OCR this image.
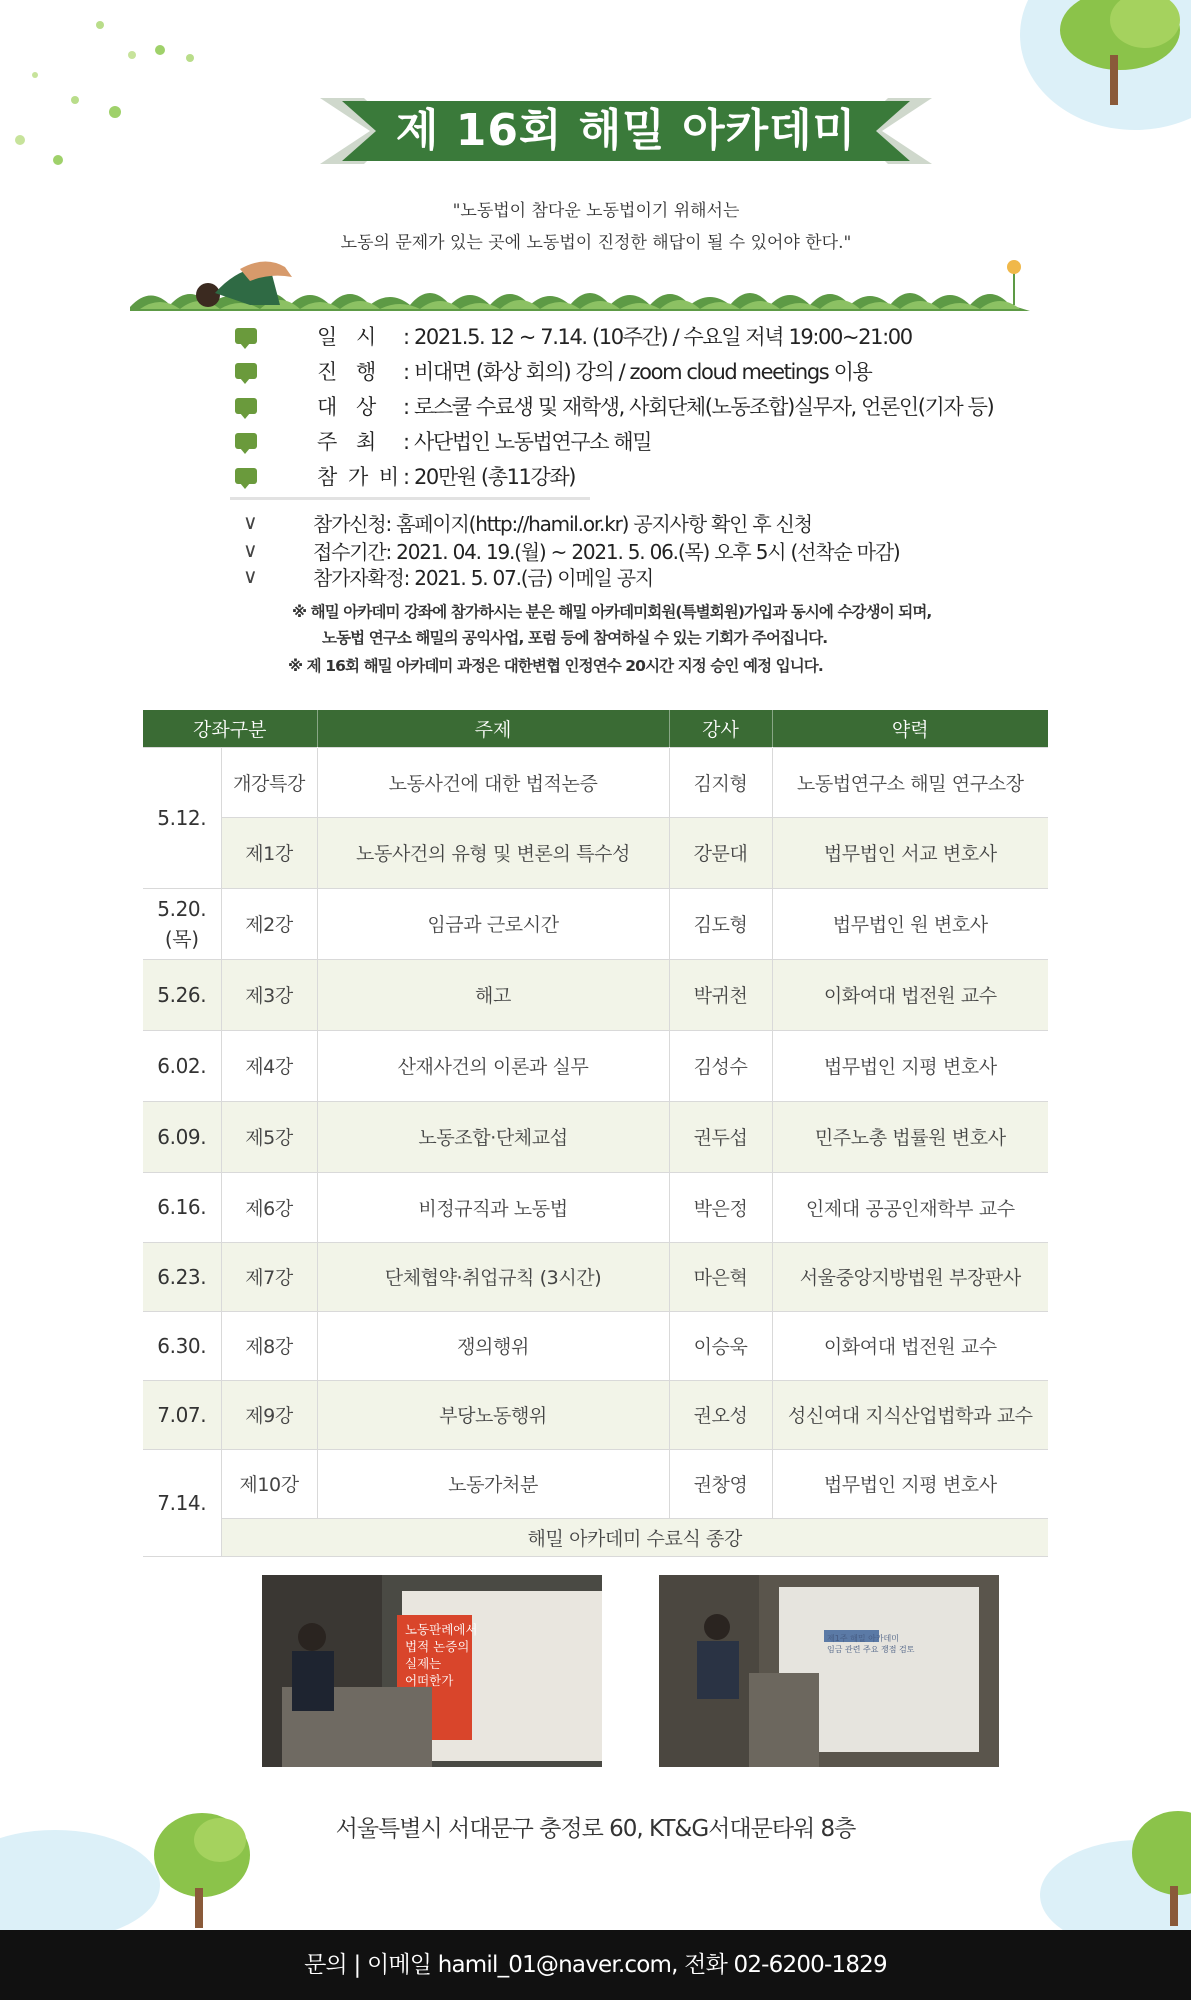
제 16회 해밀 아카데미
"노동법이 참다운 노동법이기 위해서는
노동의 문제가 있는 곳에 노동법이 진정한 해답이 될 수 있어야 한다."
일 시 : 2021.5. 12 ~ 7.14. (10주간) / 수요일 저녁 19:00~21:00
진 행 : 비대면 (화상 회의) 강의 / zoom cloud meetings 이용
대 상 : 로스쿨 수료생 및 재학생, 사회단체(노동조합)실무자, 언론인(기자 등)
주 최 : 사단법인 노동법연구소 해밀
참 가 비 : 20만원 (총11강좌)
∨	참가신청: 홈페이지(http://hamil.or.kr) 공지사항 확인 후 신청
∨	접수기간: 2021. 04. 19.(월) ~ 2021. 5. 06.(목) 오후 5시 (선착순 마감)
∨	참가자확정: 2021. 5. 07.(금) 이메일 공지
※ 해밀 아카데미 강좌에 참가하시는 분은 해밀 아카데미회원(특별회원)가입과 동시에 수강생이 되며,
노동법 연구소 해밀의 공익사업, 포럼 등에 참여하실 수 있는 기회가 주어집니다.
※ 제 16회 해밀 아카데미 과정은 대한변협 인정연수 20시간 지정 승인 예정 입니다.
강좌구분		주제	강사	약력
5.12.	개강특강	노동사건에 대한 법적논증	김지형	노동법연구소 해밀 연구소장
	제1강	노동사건의 유형 및 변론의 특수성	강문대	법무법인 서교 변호사
5.20.
(목)	제2강	임금과 근로시간	김도형	법무법인 원 변호사
5.26.	제3강	해고	박귀천	이화여대 법전원 교수
6.02.	제4강	산재사건의 이론과 실무	김성수	법무법인 지평 변호사
6.09.	제5강	노동조합·단체교섭	권두섭	민주노총 법률원 변호사
6.16.	제6강	비정규직과 노동법	박은정	인제대 공공인재학부 교수
6.23.	제7강	단체협약·취업규칙 (3시간)	마은혁	서울중앙지방법원 부장판사
6.30.	제8강	쟁의행위	이승욱	이화여대 법전원 교수
7.07.	제9강	부당노동행위	권오성	성신여대 지식산업법학과 교수
7.14.	제10강	노동가처분	권창영	법무법인 지평 변호사
	해밀 아카데미 수료식 종강			
노동판례에서
법적 논증의
실제는
어떠한가
제1주 해밀 아카데미
임금 관련 주요 쟁점 검토
서울특별시 서대문구 충정로 60, KT&G서대문타워 8층
문의 | 이메일 hamil_01@naver.com, 전화 02-6200-1829
